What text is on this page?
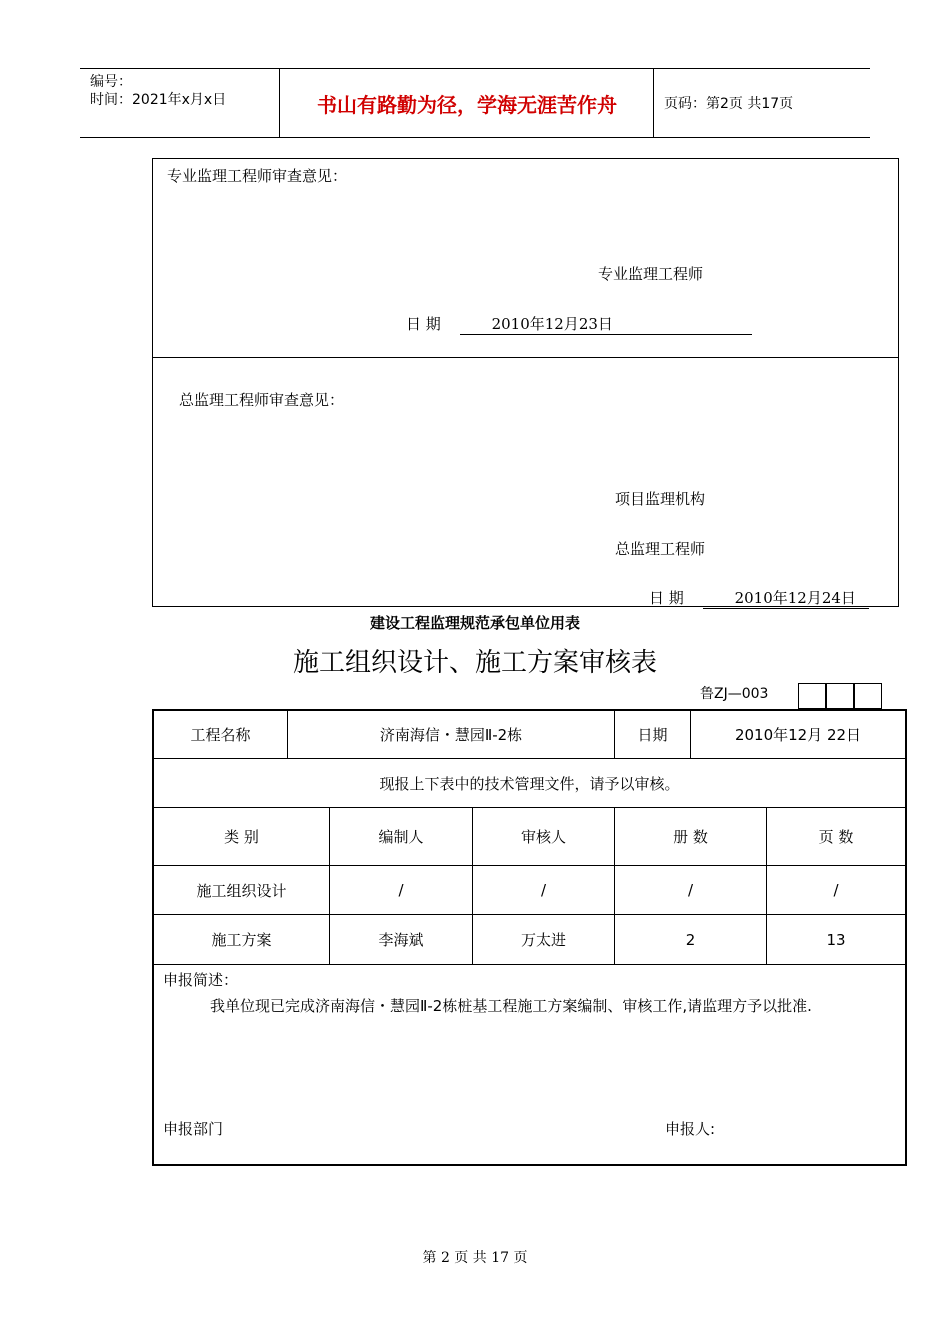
编号：
时间：2021年x月x日	书山有路勤为径，学海无涯苦作舟	页码：第2页 共17页
专业监理工程师审查意见：
专业监理工程师
日 期	2010年12月23日
总监理工程师审查意见：
项目监理机构
总监理工程师
日 期	2010年12月24日
建设工程监理规范承包单位用表
施工组织设计、施工方案审核表
鲁ZJ—003
工程名称	济南海信・慧园Ⅱ-2栋	日期	2010年12月 22日
现报上下表中的技术管理文件，请予以审核。
类 别	编制人	审核人	册 数	页 数
施工组织设计	/	/	/	/
施工方案	李海斌	万太进	2	13
申报简述：
我单位现已完成济南海信・慧园Ⅱ-2栋桩基工程施工方案编制、审核工作,请监理方予以批准.
申报部门	申报人:
第 2 页 共 17 页
